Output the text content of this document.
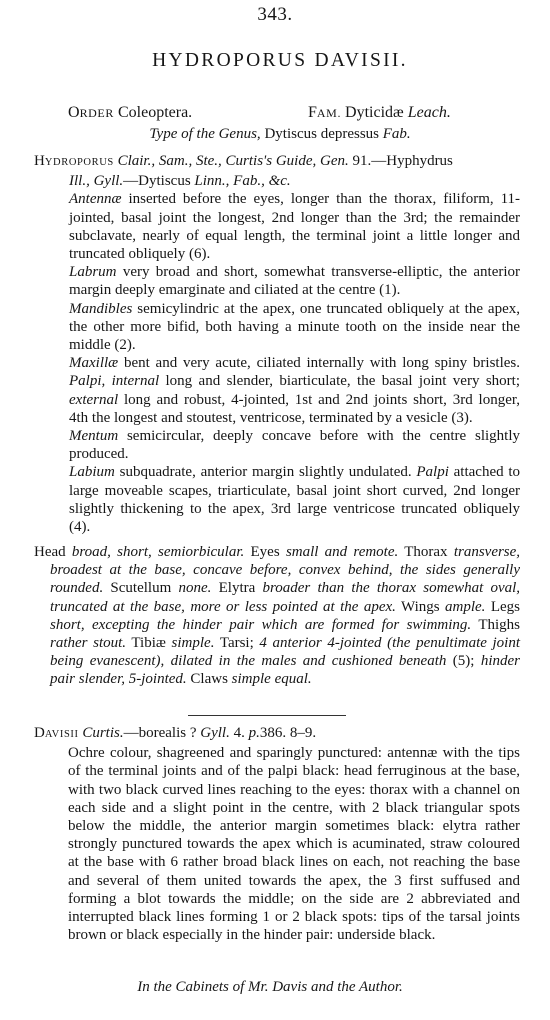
343.
HYDROPORUS DAVISII.
ORDER Coleoptera.	FAM. Dyticidæ Leach.
Type of the Genus, Dytiscus depressus Fab.

HYDROPORUS Clair., Sam., Ste., Curtis's Guide, Gen. 91.—Hyphydrus
Ill., Gyll.—Dytiscus Linn., Fab., &c.

Antennæ inserted before the eyes, longer than the thorax, filiform, 11-jointed, basal joint the longest, 2nd longer than the 3rd; the remainder subclavate, nearly of equal length, the terminal joint a little longer and truncated obliquely (6).

Labrum very broad and short, somewhat transverse-elliptic, the anterior margin deeply emarginate and ciliated at the centre (1).

Mandibles semicylindric at the apex, one truncated obliquely at the apex, the other more bifid, both having a minute tooth on the inside near the middle (2).

Maxillæ bent and very acute, ciliated internally with long spiny bristles. Palpi, internal long and slender, biarticulate, the basal joint very short; external long and robust, 4-jointed, 1st and 2nd joints short, 3rd longer, 4th the longest and stoutest, ventricose, terminated by a vesicle (3).

Mentum semicircular, deeply concave before with the centre slightly produced.

Labium subquadrate, anterior margin slightly undulated. Palpi attached to large moveable scapes, triarticulate, basal joint short curved, 2nd longer slightly thickening to the apex, 3rd large ventricose truncated obliquely (4).

Head broad, short, semiorbicular. Eyes small and remote. Thorax transverse, broadest at the base, concave before, convex behind, the sides generally rounded. Scutellum none. Elytra broader than the thorax somewhat oval, truncated at the base, more or less pointed at the apex. Wings ample. Legs short, excepting the hinder pair which are formed for swimming. Thighs rather stout. Tibiæ simple. Tarsi; 4 anterior 4-jointed (the penultimate joint being evanescent), dilated in the males and cushioned beneath (5); hinder pair slender, 5-jointed. Claws simple equal.

DAVISII Curtis.—borealis ? Gyll. 4. p.386. 8–9.

Ochre colour, shagreened and sparingly punctured: antennæ with the tips of the terminal joints and of the palpi black: head ferruginous at the base, with two black curved lines reaching to the eyes: thorax with a channel on each side and a slight point in the centre, with 2 black triangular spots below the middle, the anterior margin sometimes black: elytra rather strongly punctured towards the apex which is acuminated, straw coloured at the base with 6 rather broad black lines on each, not reaching the base and several of them united towards the apex, the 3 first suffused and forming a blot towards the middle; on the side are 2 abbreviated and interrupted black lines forming 1 or 2 black spots: tips of the tarsal joints brown or black especially in the hinder pair: underside black.

In the Cabinets of Mr. Davis and the Author.
